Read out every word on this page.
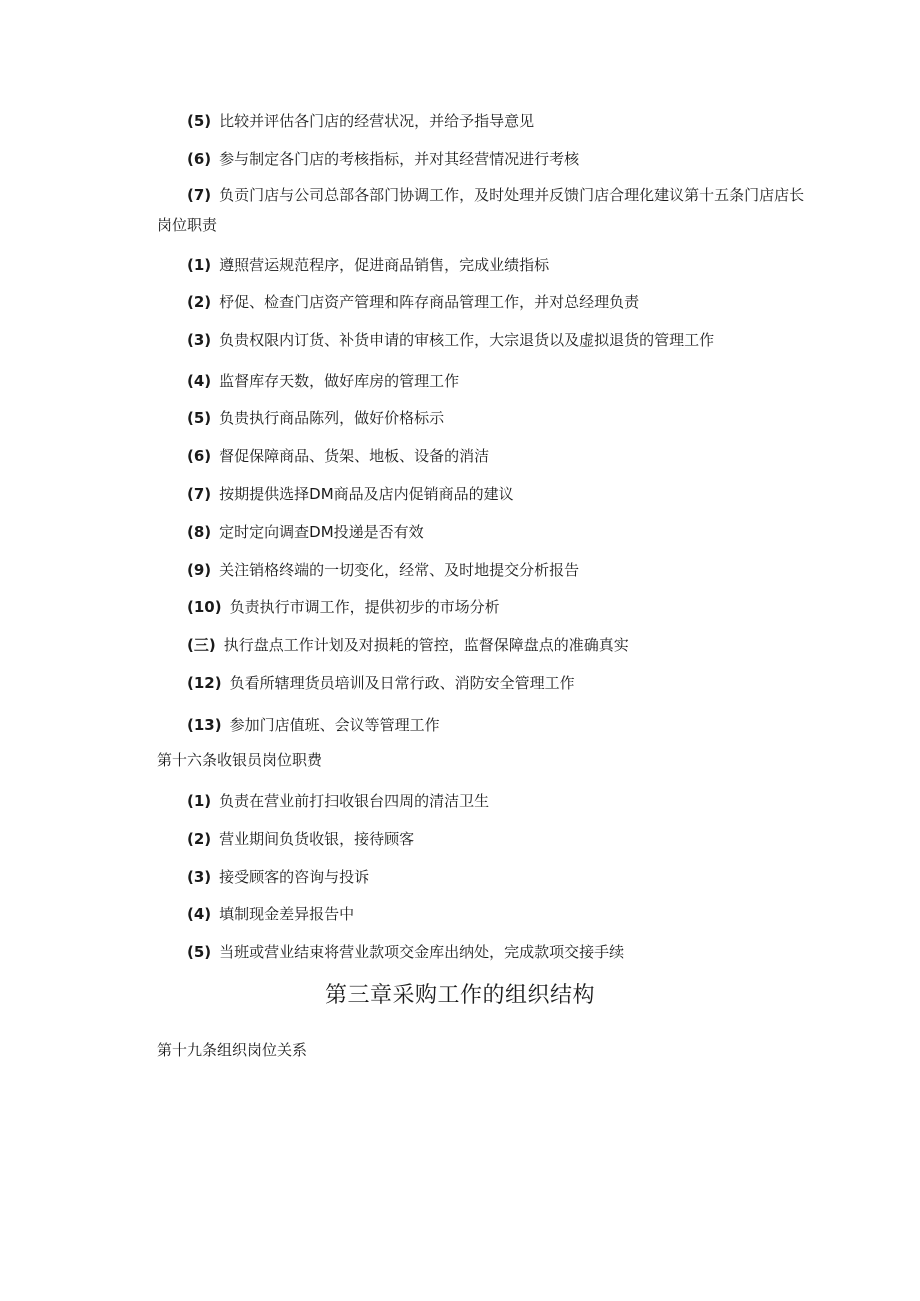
(5) 比较并评估各门店的经营状况，并给予指导意见
(6) 参与制定各门店的考核指标，并对其经营情况进行考核
(7) 负贡门店与公司总部各部门协调工作，及时处理并反馈门店合理化建议第十五条门店店长
岗位职责
(1) 遵照营运规范程序，促进商品销售，完成业绩指标
(2) 杼促、检查门店资产管理和阵存商品管理工作，并对总经理负责
(3) 负贵权限内订货、补货申请的审核工作，大宗退货以及虚拟退货的管理工作
(4) 监督库存天数，做好库房的管理工作
(5) 负贵执行商品陈列，做好价格标示
(6) 督促保障商品、货架、地板、设备的消洁
(7) 按期提供选择DM商品及店内促销商品的建议
(8) 定时定向调查DM投递是否有效
(9) 关注销格终端的一切变化，经常、及时地提交分析报告
(10) 负责执行市调工作，提供初步的市场分析
(三) 执行盘点工作计划及对损耗的管控，监督保障盘点的准确真实
(12) 负看所辖理货员培训及日常行政、消防安全管理工作
(13) 参加门店值班、会议等管理工作
第十六条收银员岗位职费
(1) 负责在营业前打扫收银台四周的清洁卫生
(2) 营业期间负货收银，接待顾客
(3) 接受顾客的咨询与投诉
(4) 填制现金差异报告中
(5) 当班或营业结束将营业款项交金库出纳处，完成款项交接手续
第三章采购工作的组织结构
第十九条组织岗位关系
